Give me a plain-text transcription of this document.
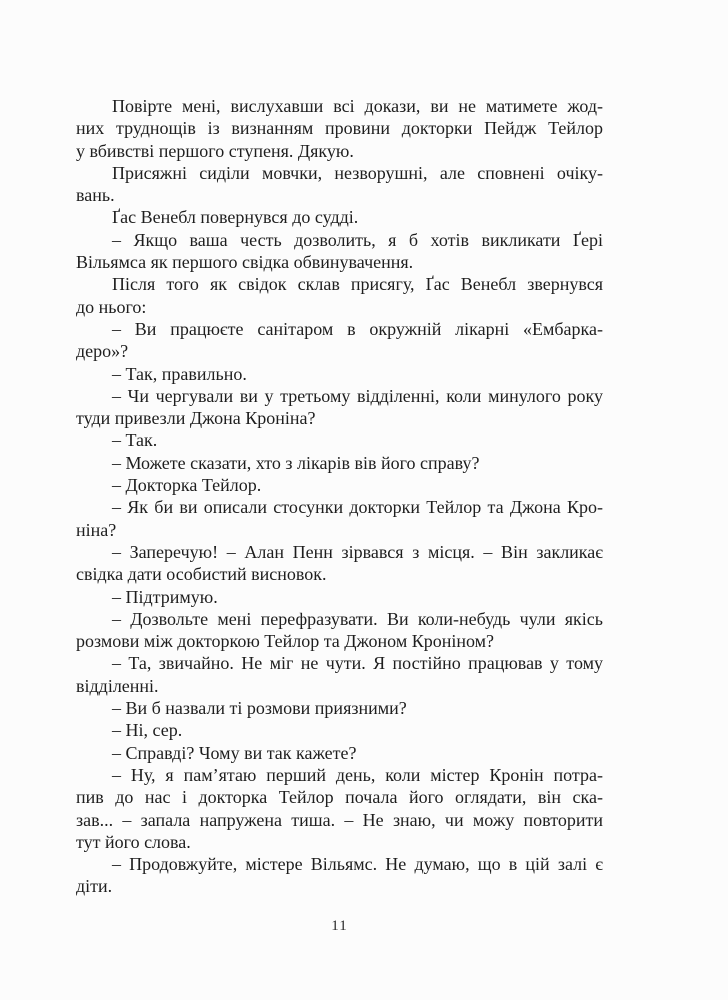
Повірте мені, вислухавши всі докази, ви не матимете жод-
них труднощів із визнанням провини докторки Пейдж Тейлор
у вбивстві першого ступеня. Дякую.
Присяжні сиділи мовчки, незворушні, але сповнені очіку-
вань.
Ґас Венебл повернувся до судді.
– Якщо ваша честь дозволить, я б хотів викликати Ґері
Вільямса як першого свідка обвинувачення.
Після того як свідок склав присягу, Ґас Венебл звернувся
до нього:
– Ви працюєте санітаром в окружній лікарні «Ембарка-
деро»?
– Так, правильно.
– Чи чергували ви у третьому відділенні, коли минулого року
туди привезли Джона Кроніна?
– Так.
– Можете сказати, хто з лікарів вів його справу?
– Докторка Тейлор.
– Як би ви описали стосунки докторки Тейлор та Джона Кро-
ніна?
– Заперечую! – Алан Пенн зірвався з місця. – Він закликає
свідка дати особистий висновок.
– Підтримую.
– Дозвольте мені перефразувати. Ви коли-небудь чули якісь
розмови між докторкою Тейлор та Джоном Кроніном?
– Та, звичайно. Не міг не чути. Я постійно працював у тому
відділенні.
– Ви б назвали ті розмови приязними?
– Ні, сер.
– Справді? Чому ви так кажете?
– Ну, я пам’ятаю перший день, коли містер Кронін потра-
пив до нас і докторка Тейлор почала його оглядати, він ска-
зав... – запала напружена тиша. – Не знаю, чи можу повторити
тут його слова.
– Продовжуйте, містере Вільямс. Не думаю, що в цій залі є
діти.
11
